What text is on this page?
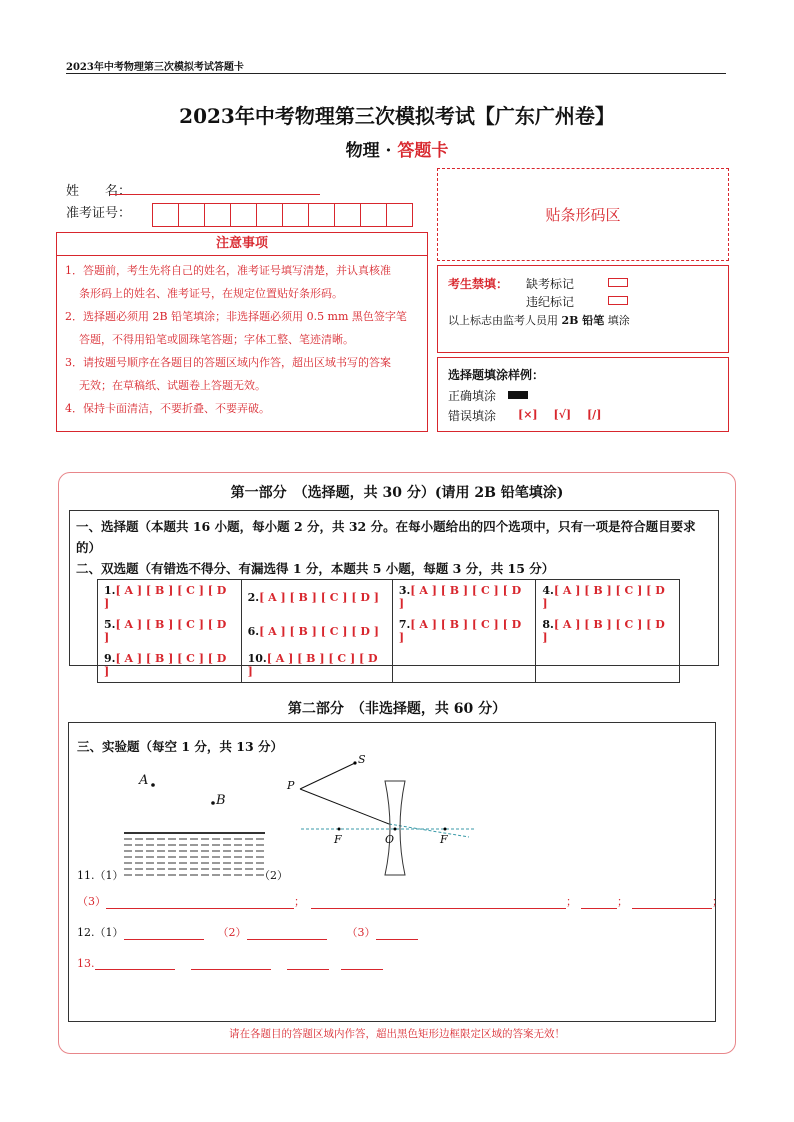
2023年中考物理第三次模拟考试答题卡
2023年中考物理第三次模拟考试【广东广州卷】
物理 · 答题卡
姓　　名：
准考证号：	贴条形码区
注意事项

1．答题前，考生先将自己的姓名，准考证号填写清楚，并认真核准

条形码上的姓名、准考证号，在规定位置贴好条形码。

2．选择题必须用 2B 铅笔填涂；非选择题必须用 0.5 mm 黑色签字笔

答题，不得用铅笔或圆珠笔答题；字体工整、笔迹清晰。

3．请按题号顺序在各题目的答题区域内作答，超出区域书写的答案

无效；在草稿纸、试题卷上答题无效。

4．保持卡面清洁，不要折叠、不要弄破。

考生禁填： 缺考标记
违纪标记
以上标志由监考人员用 2B 铅笔 填涂
选择题填涂样例：
正确填涂
错误填涂 [×] [√] [/]
第一部分　（选择题，共 30 分）(请用 2B 铅笔填涂)
一、选择题（本题共 16 小题，每小题 2 分，共 32 分。在每小题给出的四个选项中，只有一项是符合题目要求的）
二、双选题（有错选不得分、有漏选得 1 分，本题共 5 小题，每题 3 分，共 15 分）
1.[ A ] [ B ] [ C ] [ D ]	2.[ A ] [ B ] [ C ] [ D ]	3.[ A ] [ B ] [ C ] [ D ]	4.[ A ] [ B ] [ C ] [ D ]
5.[ A ] [ B ] [ C ] [ D ]	6.[ A ] [ B ] [ C ] [ D ]	7.[ A ] [ B ] [ C ] [ D ]	8.[ A ] [ B ] [ C ] [ D ]
9.[ A ] [ B ] [ C ] [ D ]	10.[ A ] [ B ] [ C ] [ D ]		
第二部分　（非选择题，共 60 分）
三、实验题（每空 1 分，共 13 分）
A
B
P
S
F	O	F
11.（1）	（2）
（3）	；	；	；	；
12.（1）	（2）	（3）
13.
请在各题目的答题区域内作答，超出黑色矩形边框限定区域的答案无效！
